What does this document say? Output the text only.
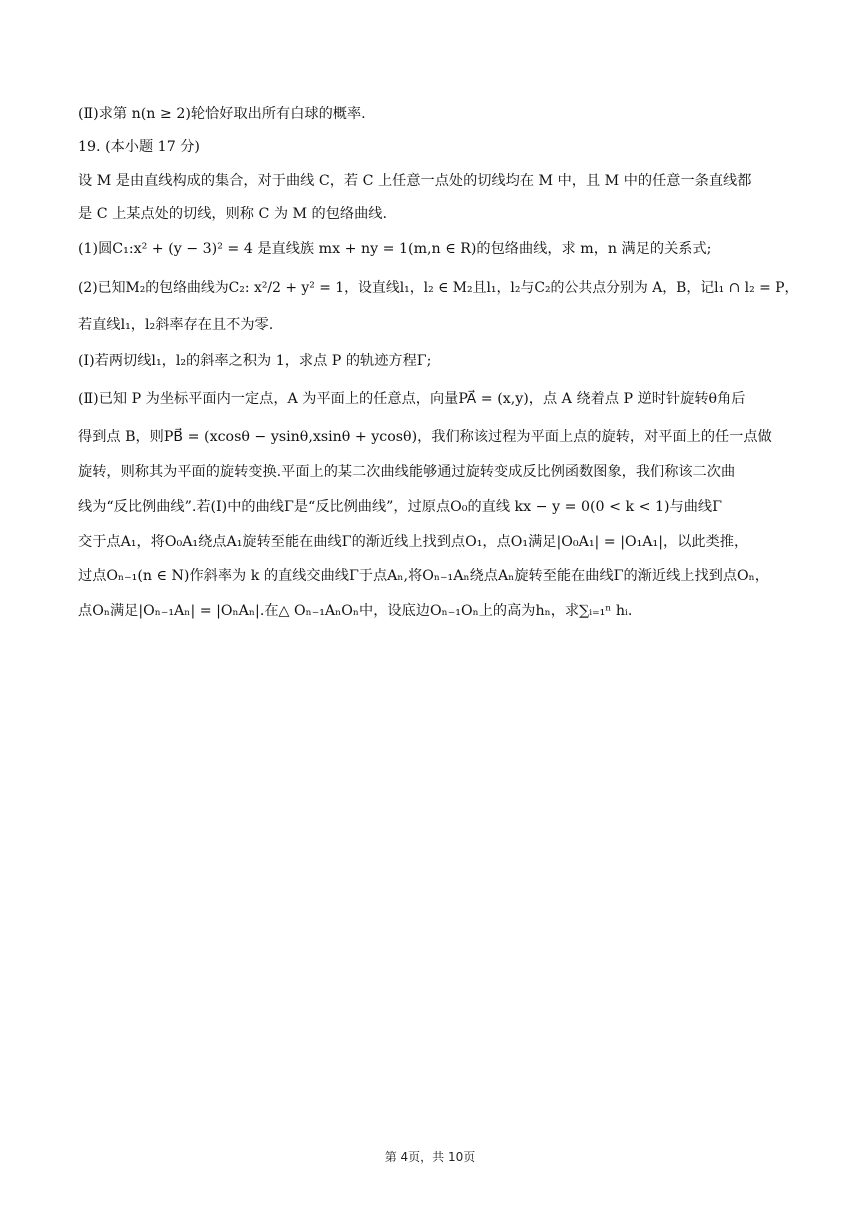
(Ⅱ)求第 n(n ≥ 2)轮恰好取出所有白球的概率.
19. (本小题 17 分)
设 M 是由直线构成的集合，对于曲线 C，若 C 上任意一点处的切线均在 M 中，且 M 中的任意一条直线都
是 C 上某点处的切线，则称 C 为 M 的包络曲线.
(1)圆C₁:x² + (y − 3)² = 4 是直线族 mx + ny = 1(m,n ∈ R)的包络曲线，求 m，n 满足的关系式;
(2)已知M₂的包络曲线为C₂: x²/2 + y² = 1，设直线l₁，l₂ ∈ M₂且l₁，l₂与C₂的公共点分别为 A，B，记l₁ ∩ l₂ = P，
若直线l₁，l₂斜率存在且不为零.
(Ⅰ)若两切线l₁，l₂的斜率之积为 1，求点 P 的轨迹方程Γ;
(Ⅱ)已知 P 为坐标平面内一定点，A 为平面上的任意点，向量PA⃗ = (x,y)，点 A 绕着点 P 逆时针旋转θ角后
得到点 B，则PB⃗ = (xcosθ − ysinθ,xsinθ + ycosθ)，我们称该过程为平面上点的旋转，对平面上的任一点做
旋转，则称其为平面的旋转变换.平面上的某二次曲线能够通过旋转变成反比例函数图象，我们称该二次曲
线为“反比例曲线”.若(Ⅰ)中的曲线Γ是“反比例曲线”，过原点O₀的直线 kx − y = 0(0 < k < 1)与曲线Γ
交于点A₁，将O₀A₁绕点A₁旋转至能在曲线Γ的渐近线上找到点O₁，点O₁满足|O₀A₁| = |O₁A₁|，以此类推，
过点Oₙ₋₁(n ∈ N)作斜率为 k 的直线交曲线Γ于点Aₙ,将Oₙ₋₁Aₙ绕点Aₙ旋转至能在曲线Γ的渐近线上找到点Oₙ，
点Oₙ满足|Oₙ₋₁Aₙ| = |OₙAₙ|.在△ Oₙ₋₁AₙOₙ中，设底边Oₙ₋₁Oₙ上的高为hₙ，求∑ᵢ₌₁ⁿ hᵢ.
第 4页，共 10页
